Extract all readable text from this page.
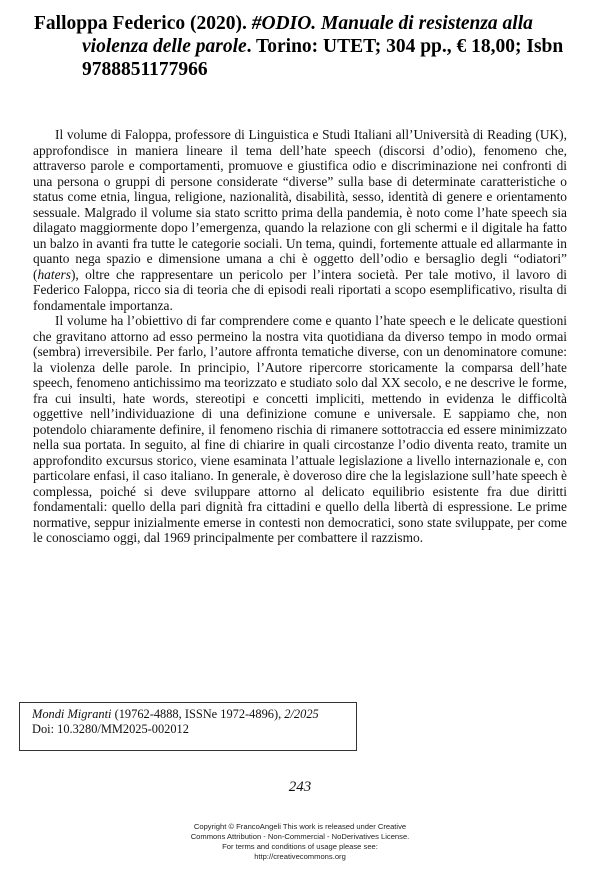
Falloppa Federico (2020). #ODIO. Manuale di resistenza alla violenza delle parole. Torino: UTET; 304 pp., € 18,00; Isbn 9788851177966

Il volume di Faloppa, professore di Linguistica e Studi Italiani all’Università di Reading (UK), approfondisce in maniera lineare il tema dell’hate speech (discorsi d’odio), fenomeno che, attraverso parole e comportamenti, promuove e giustifica odio e discriminazione nei confronti di una persona o gruppi di persone considerate “diverse” sulla base di determinate caratteristiche o status come etnia, lingua, religione, nazionalità, disabilità, sesso, identità di genere e orientamento sessuale. Malgrado il volume sia stato scritto prima della pandemia, è noto come l’hate speech sia dilagato maggiormente dopo l’emergenza, quando la relazione con gli schermi e il digitale ha fatto un balzo in avanti fra tutte le categorie sociali. Un tema, quindi, fortemente attuale ed allarmante in quanto nega spazio e dimensione umana a chi è oggetto dell’odio e bersaglio degli “odiatori” (haters), oltre che rappresentare un pericolo per l’intera società. Per tale motivo, il lavoro di Federico Faloppa, ricco sia di teoria che di episodi reali riportati a scopo esemplificativo, risulta di fondamentale importanza.

Il volume ha l’obiettivo di far comprendere come e quanto l’hate speech e le delicate questioni che gravitano attorno ad esso permeino la nostra vita quotidiana da diverso tempo in modo ormai (sembra) irreversibile. Per farlo, l’autore affronta tematiche diverse, con un denominatore comune: la violenza delle parole. In principio, l’Autore ripercorre storicamente la comparsa dell’hate speech, fenomeno antichissimo ma teorizzato e studiato solo dal XX secolo, e ne descrive le forme, fra cui insulti, hate words, stereotipi e concetti impliciti, mettendo in evidenza le difficoltà oggettive nell’individuazione di una definizione comune e universale. E sappiamo che, non potendolo chiaramente definire, il fenomeno rischia di rimanere sottotraccia ed essere minimizzato nella sua portata. In seguito, al fine di chiarire in quali circostanze l’odio diventa reato, tramite un approfondito excursus storico, viene esaminata l’attuale legislazione a livello internazionale e, con particolare enfasi, il caso italiano. In generale, è doveroso dire che la legislazione sull’hate speech è complessa, poiché si deve sviluppare attorno al delicato equilibrio esistente fra due diritti fondamentali: quello della pari dignità fra cittadini e quello della libertà di espressione. Le prime normative, seppur inizialmente emerse in contesti non democratici, sono state sviluppate, per come le conosciamo oggi, dal 1969 principalmente per combattere il razzismo.

Mondi Migranti (19762-4888, ISSNe 1972-4896), 2/2025
Doi: 10.3280/MM2025-002012
243
Copyright © FrancoAngeli This work is released under Creative
Commons Attribution - Non-Commercial - NoDerivatives License.
For terms and conditions of usage please see:
http://creativecommons.org
